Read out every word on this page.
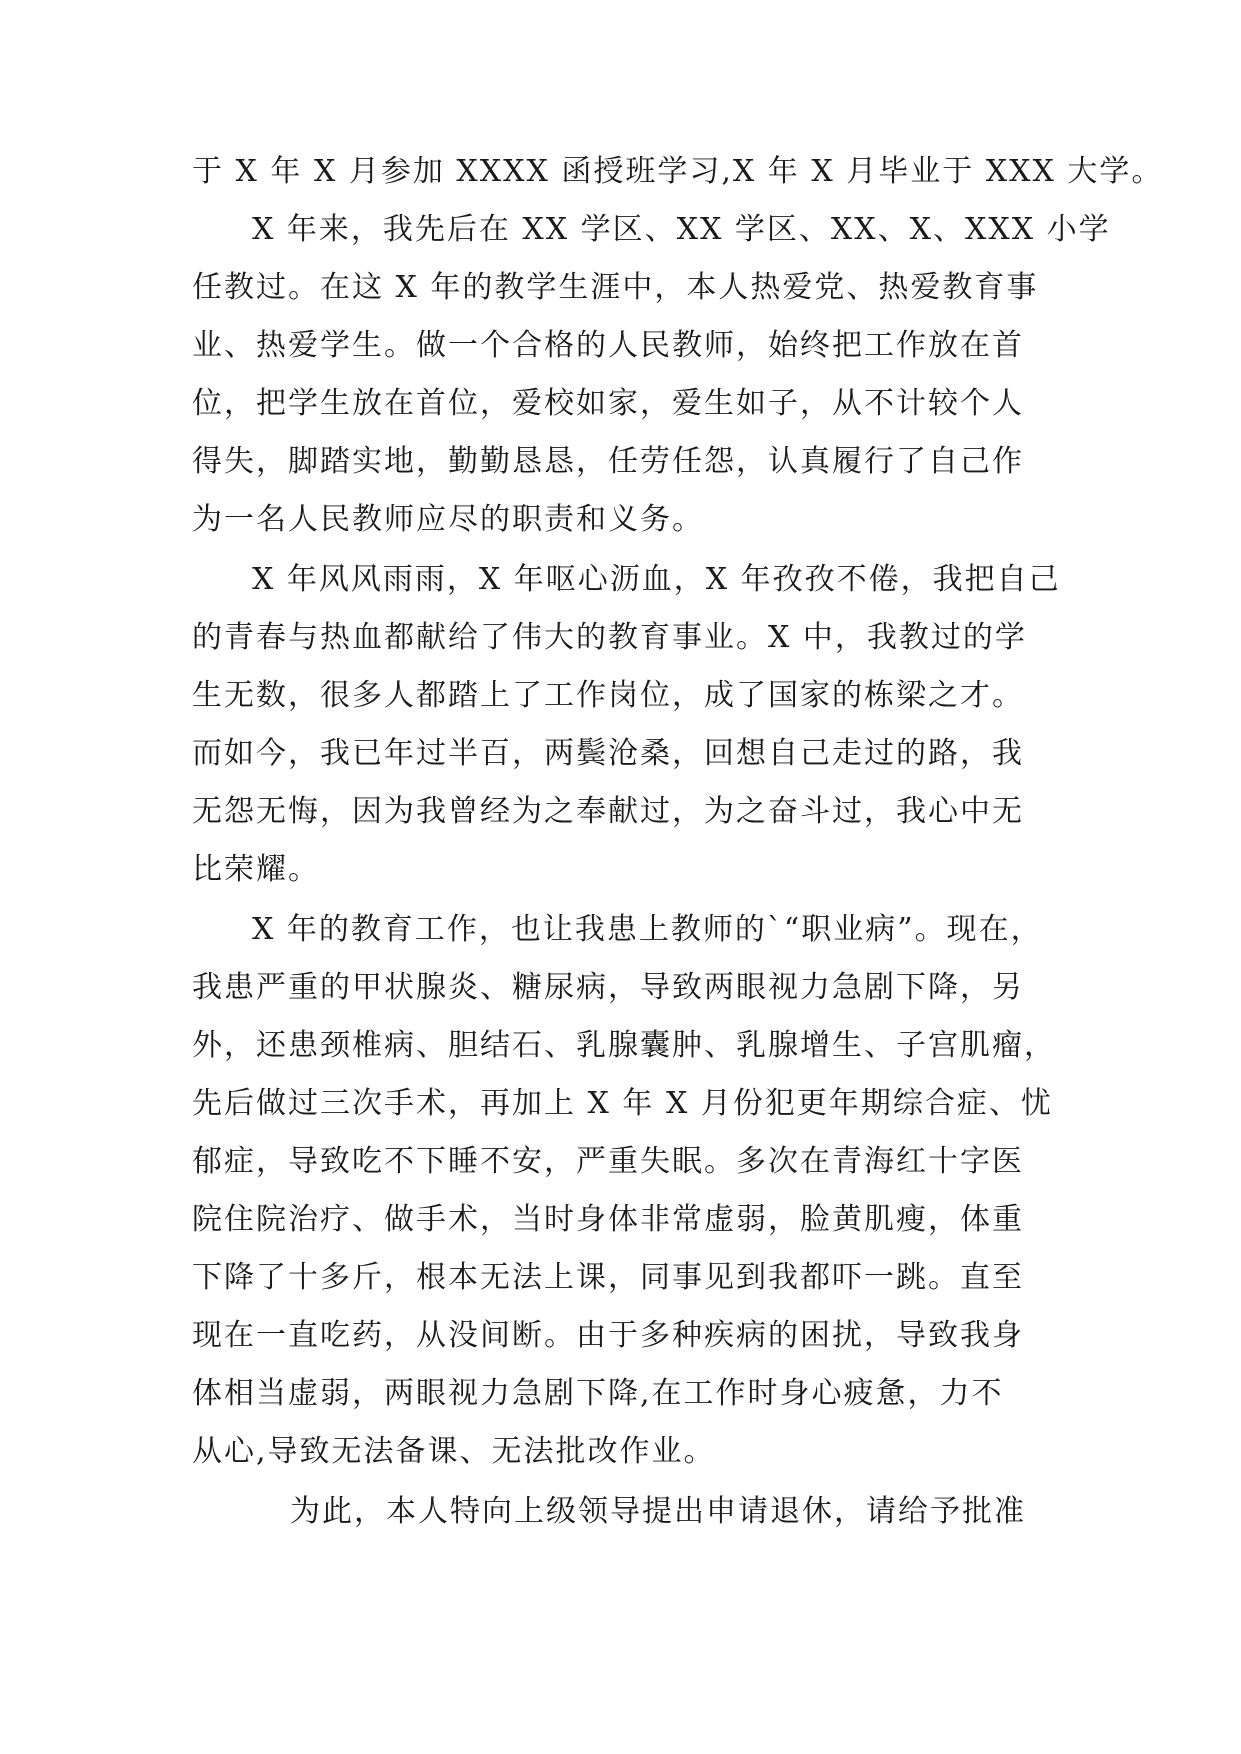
于 X 年 X 月参加 XXXX 函授班学习,X 年 X 月毕业于 XXX 大学。
X 年来，我先后在 XX 学区、XX 学区、XX、X、XXX 小学
任教过。在这 X 年的教学生涯中，本人热爱党、热爱教育事
业、热爱学生。做一个合格的人民教师，始终把工作放在首
位，把学生放在首位，爱校如家，爱生如子，从不计较个人
得失，脚踏实地，勤勤恳恳，任劳任怨，认真履行了自己作
为一名人民教师应尽的职责和义务。
X 年风风雨雨，X 年呕心沥血，X 年孜孜不倦，我把自己
的青春与热血都献给了伟大的教育事业。X 中，我教过的学
生无数，很多人都踏上了工作岗位，成了国家的栋梁之才。
而如今，我已年过半百，两鬓沧桑，回想自己走过的路，我
无怨无悔，因为我曾经为之奉献过，为之奋斗过，我心中无
比荣耀。
X 年的教育工作，也让我患上教师的`“职业病”。现在，
我患严重的甲状腺炎、糖尿病，导致两眼视力急剧下降，另
外，还患颈椎病、胆结石、乳腺囊肿、乳腺增生、子宫肌瘤，
先后做过三次手术，再加上 X 年 X 月份犯更年期综合症、忧
郁症，导致吃不下睡不安，严重失眠。多次在青海红十字医
院住院治疗、做手术，当时身体非常虚弱，脸黄肌瘦，体重
下降了十多斤，根本无法上课，同事见到我都吓一跳。直至
现在一直吃药，从没间断。由于多种疾病的困扰，导致我身
体相当虚弱，两眼视力急剧下降,在工作时身心疲惫，力不
从心,导致无法备课、无法批改作业。
为此，本人特向上级领导提出申请退休，请给予批准
